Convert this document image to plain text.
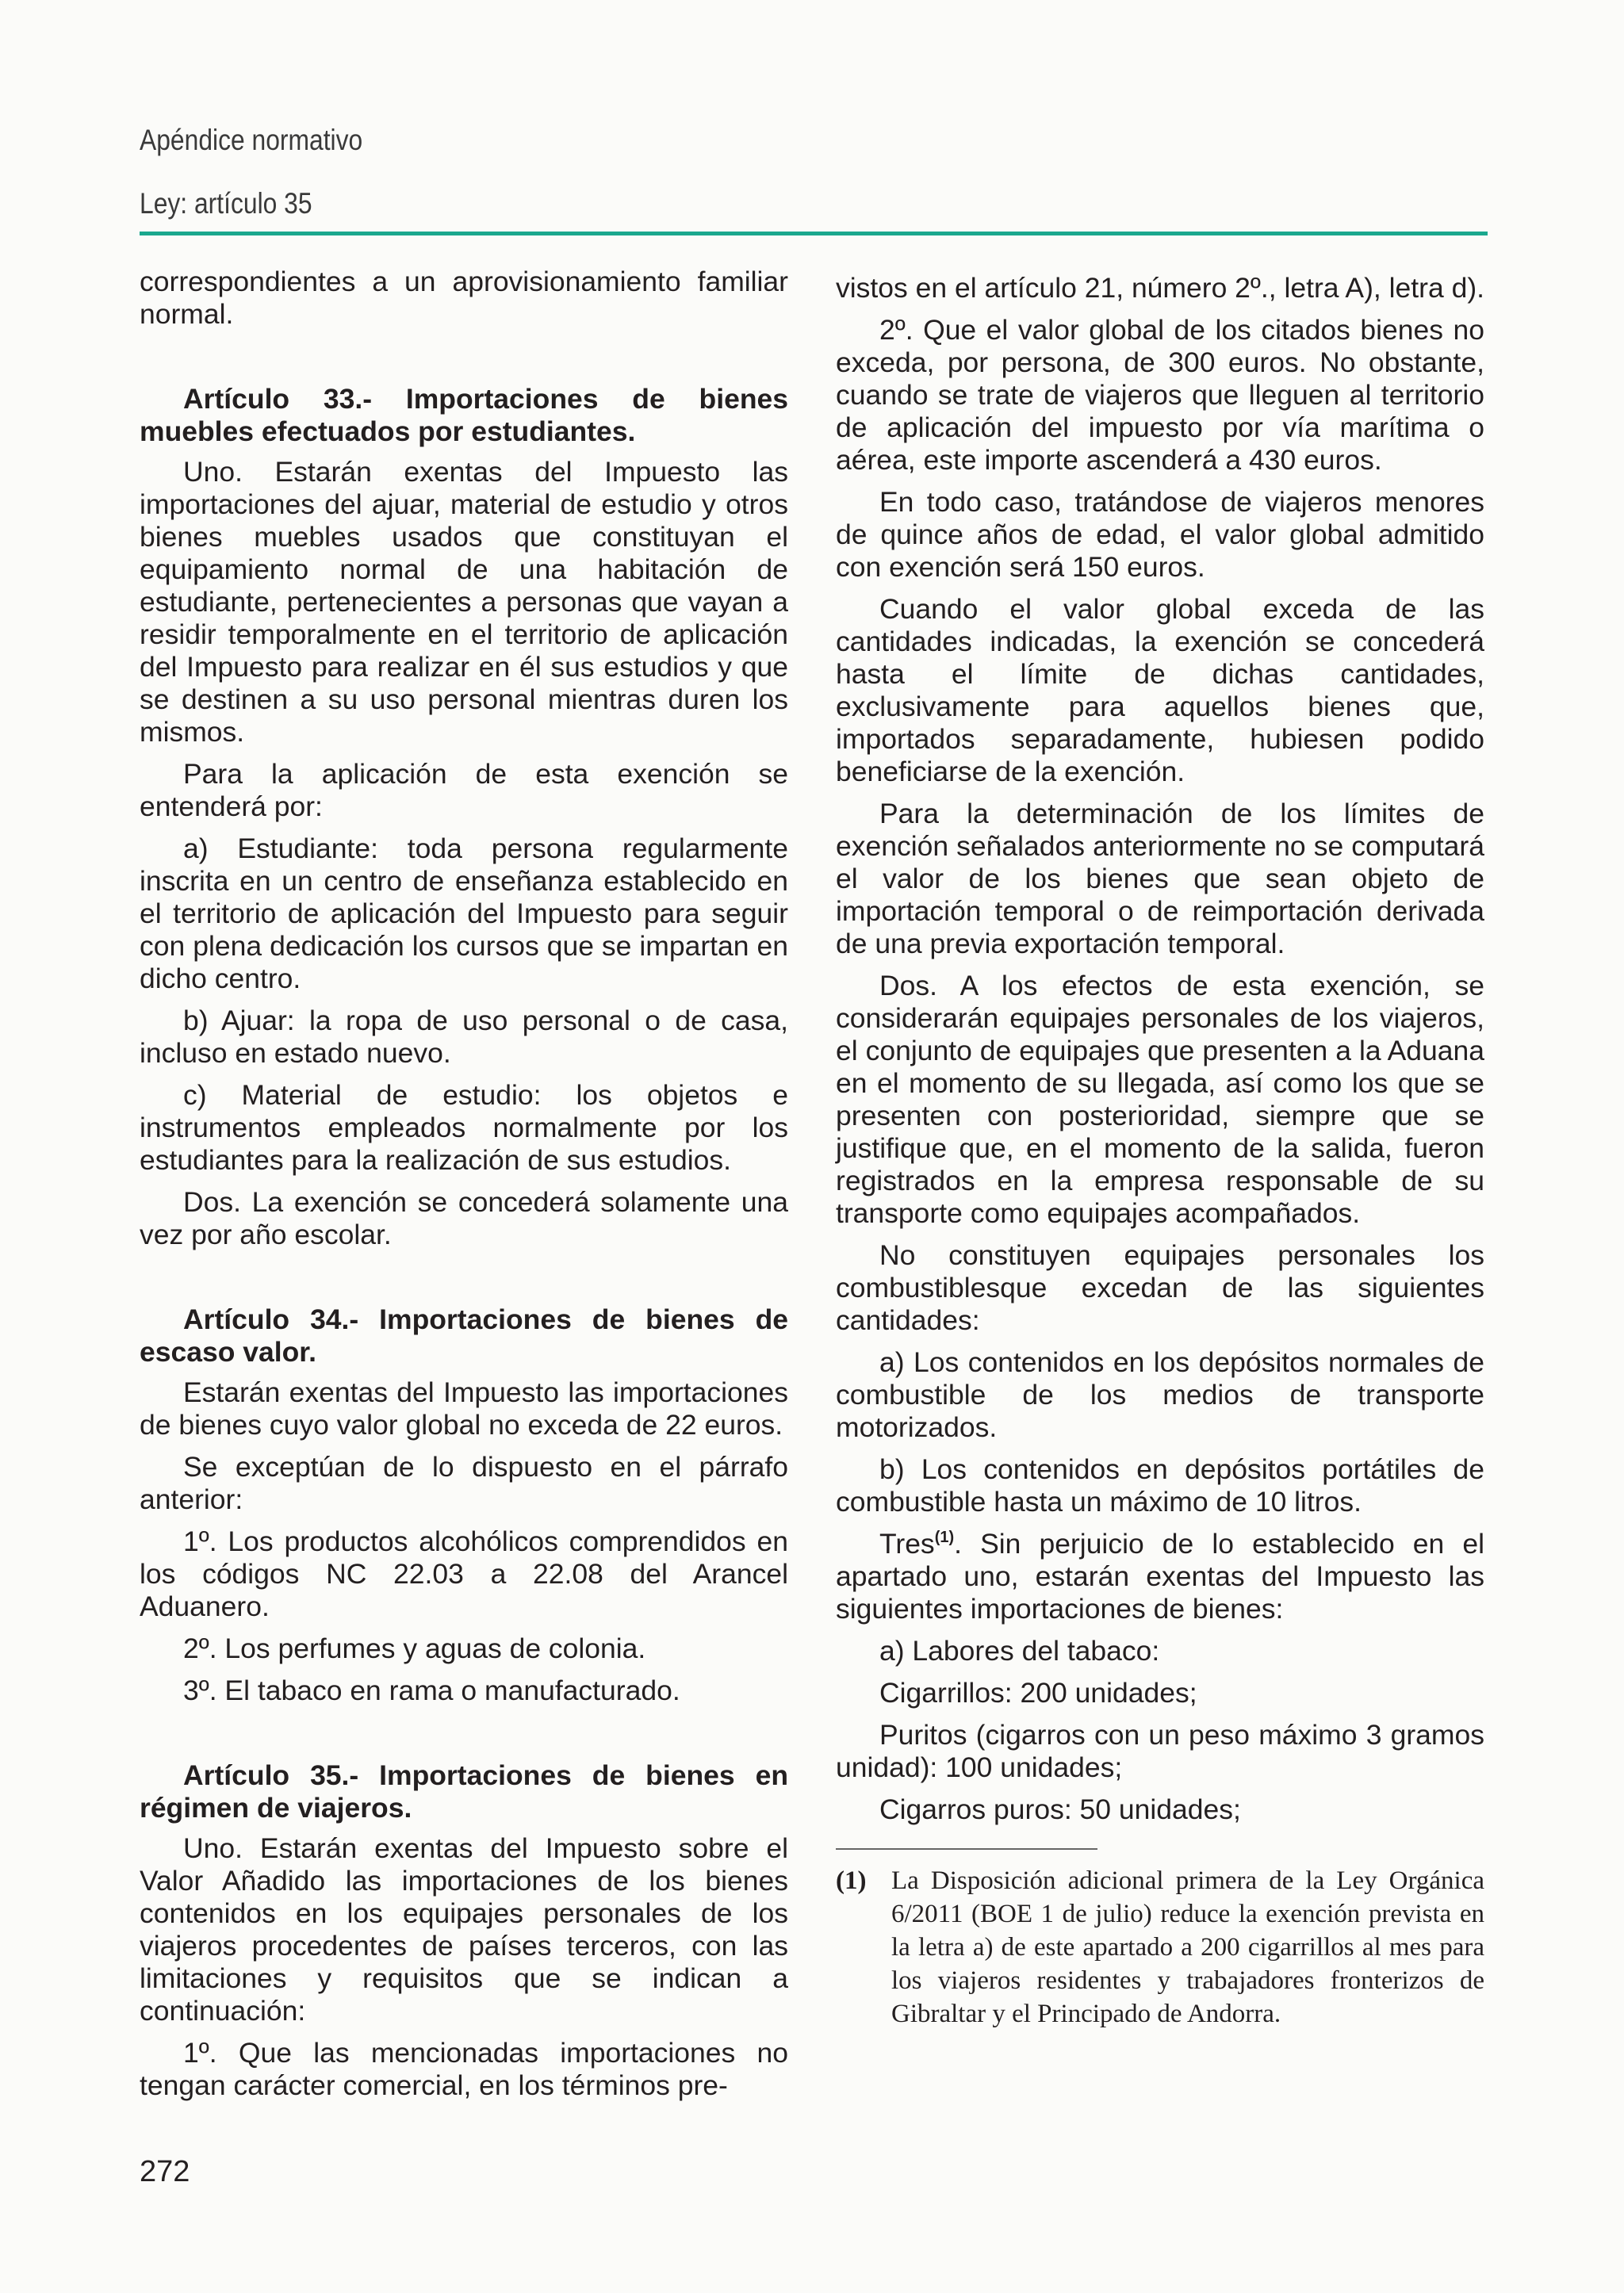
Apéndice normativo
Ley: artículo 35

correspondientes a un aprovisionamiento familiar normal.

Artículo 33.- Importaciones de bienes muebles efectuados por estudiantes.

Uno. Estarán exentas del Impuesto las importaciones del ajuar, material de estudio y otros bienes muebles usados que constituyan el equipamiento normal de una habitación de estudiante, pertenecientes a personas que vayan a residir temporalmente en el territorio de aplicación del Impuesto para realizar en él sus estudios y que se destinen a su uso personal mientras duren los mismos.

Para la aplicación de esta exención se entenderá por:

a) Estudiante: toda persona regularmente inscrita en un centro de enseñanza establecido en el territorio de aplicación del Impuesto para seguir con plena dedicación los cursos que se impartan en dicho centro.

b) Ajuar: la ropa de uso personal o de casa, incluso en estado nuevo.

c) Material de estudio: los objetos e instrumentos empleados normalmente por los estudiantes para la realización de sus estudios.

Dos. La exención se concederá solamente una vez por año escolar.

Artículo 34.- Importaciones de bienes de escaso valor.

Estarán exentas del Impuesto las importaciones de bienes cuyo valor global no exceda de 22 euros.

Se exceptúan de lo dispuesto en el párrafo anterior:

1º. Los productos alcohólicos comprendidos en los códigos NC 22.03 a 22.08 del Arancel Aduanero.

2º. Los perfumes y aguas de colonia.

3º. El tabaco en rama o manufacturado.

Artículo 35.- Importaciones de bienes en régimen de viajeros.

Uno. Estarán exentas del Impuesto sobre el Valor Añadido las importaciones de los bienes contenidos en los equipajes personales de los viajeros procedentes de países terceros, con las limitaciones y requisitos que se indican a continuación:

1º. Que las mencionadas importaciones no tengan carácter comercial, en los términos pre-

vistos en el artículo 21, número 2º., letra A), letra d).

2º. Que el valor global de los citados bienes no exceda, por persona, de 300 euros. No obstante, cuando se trate de viajeros que lleguen al territorio de aplicación del impuesto por vía marítima o aérea, este importe ascenderá a 430 euros.

En todo caso, tratándose de viajeros menores de quince años de edad, el valor global admitido con exención será 150 euros.

Cuando el valor global exceda de las cantidades indicadas, la exención se concederá hasta el límite de dichas cantidades, exclusivamente para aquellos bienes que, importados separadamente, hubiesen podido beneficiarse de la exención.

Para la determinación de los límites de exención señalados anteriormente no se computará el valor de los bienes que sean objeto de importación temporal o de reimportación derivada de una previa exportación temporal.

Dos. A los efectos de esta exención, se considerarán equipajes personales de los viajeros, el conjunto de equipajes que presenten a la Aduana en el momento de su llegada, así como los que se presenten con posterioridad, siempre que se justifique que, en el momento de la salida, fueron registrados en la empresa responsable de su transporte como equipajes acompañados.

No constituyen equipajes personales los combustiblesque excedan de las siguientes cantidades:

a) Los contenidos en los depósitos normales de combustible de los medios de transporte motorizados.

b) Los contenidos en depósitos portátiles de combustible hasta un máximo de 10 litros.

Tres$^{(1)}$. Sin perjuicio de lo establecido en el apartado uno, estarán exentas del Impuesto las siguientes importaciones de bienes:

a) Labores del tabaco:

Cigarrillos: 200 unidades;

Puritos (cigarros con un peso máximo 3 gramos unidad): 100 unidades;

Cigarros puros: 50 unidades;

(1) La Disposición adicional primera de la Ley Orgánica 6/2011 (BOE 1 de julio) reduce la exención prevista en la letra a) de este apartado a 200 cigarrillos al mes para los viajeros residentes y trabajadores fronterizos de Gibraltar y el Principado de Andorra.
272
